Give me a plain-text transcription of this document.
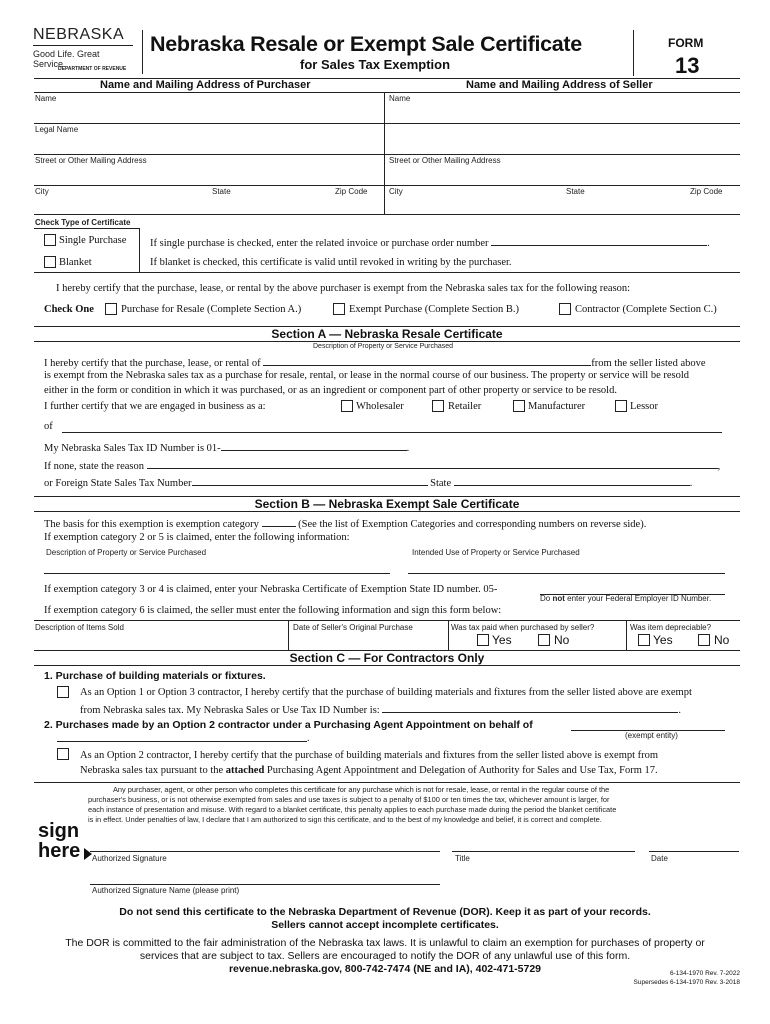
NEBRASKA
Good Life. Great Service.
DEPARTMENT OF REVENUE
Nebraska Resale or Exempt Sale Certificate
for Sales Tax Exemption
FORM
13
Name and Mailing Address of Purchaser	Name and Mailing Address of Seller
Name
Legal Name
Street or Other Mailing Address
City	State	Zip Code
Name
Street or Other Mailing Address
City	State	Zip Code
Check Type of Certificate
Single Purchase If single purchase is checked, enter the related invoice or purchase order number	.
Blanket	If blanket is checked, this certificate is valid until revoked in writing by the purchaser.
I hereby certify that the purchase, lease, or rental by the above purchaser is exempt from the Nebraska sales tax for the following reason:
Check One	Purchase for Resale (Complete Section A.)	Exempt Purchase (Complete Section B.)	Contractor (Complete Section C.)
Section A — Nebraska Resale Certificate
Description of Property or Service Purchased
I hereby certify that the purchase, lease, or rental of	from the seller listed above
is exempt from the Nebraska sales tax as a purchase for resale, rental, or lease in the normal course of our business. The property or service will be resold
either in the form or condition in which it was purchased, or as an ingredient or component part of other property or service to be resold.
I further certify that we are engaged in business as a:	Wholesaler	Retailer	Manufacturer	Lessor
of
My Nebraska Sales Tax ID Number is 01-	.
If none, state the reason	,
or Foreign State Sales Tax Number	State	.
Section B — Nebraska Exempt Sale Certificate
The basis for this exemption is exemption category	(See the list of Exemption Categories and corresponding numbers on reverse side).
If exemption category 2 or 5 is claimed, enter the following information:
Description of Property or Service Purchased	Intended Use of Property or Service Purchased
If exemption category 3 or 4 is claimed, enter your Nebraska Certificate of Exemption State ID number. 05-
Do not enter your Federal Employer ID Number.
If exemption category 6 is claimed, the seller must enter the following information and sign this form below:
Description of Items Sold	Date of Seller's Original Purchase	Was tax paid when purchased by seller?	Was item depreciable?
Yes	No	Yes	No
Section C — For Contractors Only
1. Purchase of building materials or fixtures.
As an Option 1 or Option 3 contractor, I hereby certify that the purchase of building materials and fixtures from the seller listed above are exempt
from Nebraska sales tax. My Nebraska Sales or Use Tax ID Number is:	.
2. Purchases made by an Option 2 contractor under a Purchasing Agent Appointment on behalf of
(exempt entity)
.
As an Option 2 contractor, I hereby certify that the purchase of building materials and fixtures from the seller listed above is exempt from
Nebraska sales tax pursuant to the attached Purchasing Agent Appointment and Delegation of Authority for Sales and Use Tax, Form 17.
Any purchaser, agent, or other person who completes this certificate for any purchase which is not for resale, lease, or rental in the regular course of the
purchaser's business, or is not otherwise exempted from sales and use taxes is subject to a penalty of $100 or ten times the tax, whichever amount is larger, for
each instance of presentation and misuse. With regard to a blanket certificate, this penalty applies to each purchase made during the period the blanket certificate
is in effect. Under penalties of law, I declare that I am authorized to sign this certificate, and to the best of my knowledge and belief, it is correct and complete.
sign
here Authorized Signature	Title	Date
Authorized Signature Name (please print)
Do not send this certificate to the Nebraska Department of Revenue (DOR). Keep it as part of your records.
Sellers cannot accept incomplete certificates.
The DOR is committed to the fair administration of the Nebraska tax laws. It is unlawful to claim an exemption for purchases of property or
services that are subject to tax. Sellers are encouraged to notify the DOR of any unlawful use of this form.
revenue.nebraska.gov, 800-742-7474 (NE and IA), 402-471-5729	6-134-1970 Rev. 7-2022
Supersedes 6-134-1970 Rev. 3-2018
